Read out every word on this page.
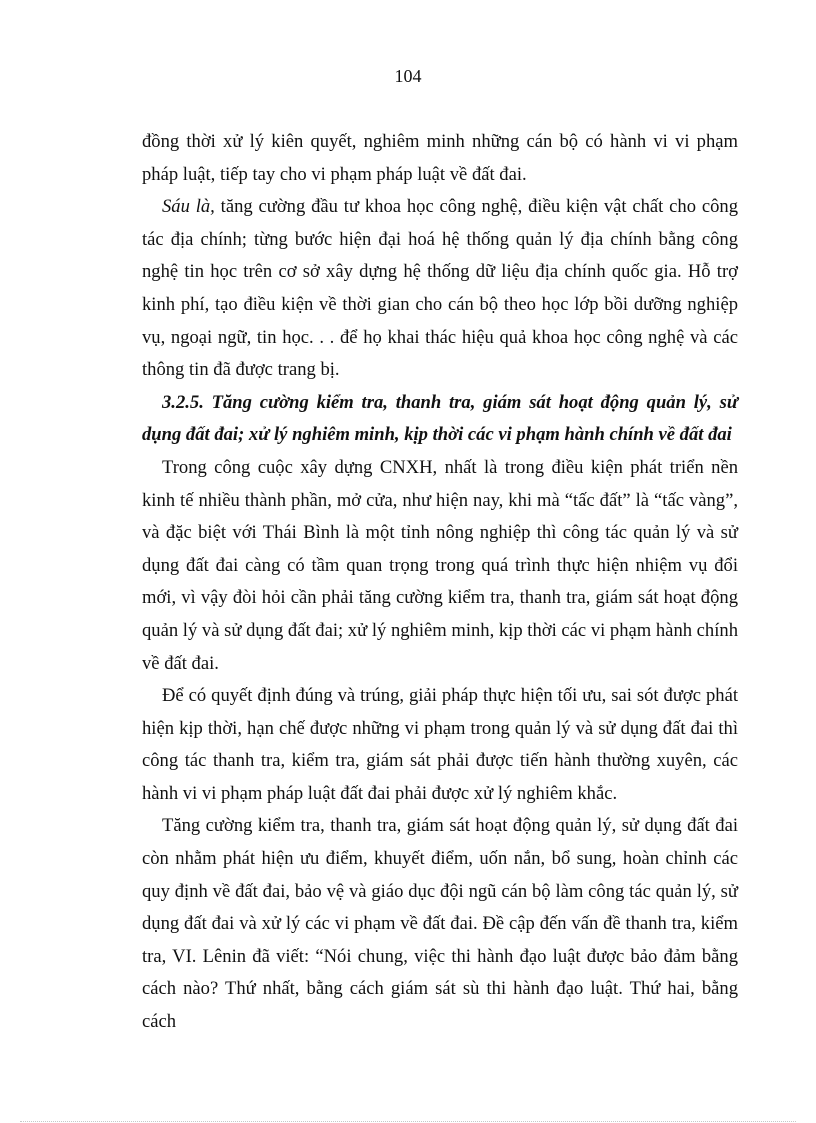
104

đồng thời xử lý kiên quyết, nghiêm minh những cán bộ có hành vi vi phạm pháp luật, tiếp tay cho vi phạm pháp luật về đất đai.

Sáu là, tăng cường đầu tư khoa học công nghệ, điều kiện vật chất cho công tác địa chính; từng bước hiện đại hoá hệ thống quản lý địa chính bằng công nghệ tin học trên cơ sở xây dựng hệ thống dữ liệu địa chính quốc gia. Hỗ trợ kinh phí, tạo điều kiện về thời gian cho cán bộ theo học lớp bồi dưỡng nghiệp vụ, ngoại ngữ, tin học. . . để họ khai thác hiệu quả khoa học công nghệ và các thông tin đã được trang bị.

3.2.5. Tăng cường kiểm tra, thanh tra, giám sát hoạt động quản lý, sử dụng đất đai; xử lý nghiêm minh, kịp thời các vi phạm hành chính về đất đai

Trong công cuộc xây dựng CNXH, nhất là trong điều kiện phát triển nền kinh tế nhiều thành phần, mở cửa, như hiện nay, khi mà “tấc đất” là “tấc vàng”, và đặc biệt với Thái Bình là một tỉnh nông nghiệp thì công tác quản lý và sử dụng đất đai càng có tầm quan trọng trong quá trình thực hiện nhiệm vụ đổi mới, vì vậy đòi hỏi cần phải tăng cường kiểm tra, thanh tra, giám sát hoạt động quản lý và sử dụng đất đai; xử lý nghiêm minh, kịp thời các vi phạm hành chính về đất đai.

Để có quyết định đúng và trúng, giải pháp thực hiện tối ưu, sai sót được phát hiện kịp thời, hạn chế được những vi phạm trong quản lý và sử dụng đất đai thì công tác thanh tra, kiểm tra, giám sát phải được tiến hành thường xuyên, các hành vi vi phạm pháp luật đất đai phải được xử lý nghiêm khắc.

Tăng cường kiểm tra, thanh tra, giám sát hoạt động quản lý, sử dụng đất đai còn nhằm phát hiện ưu điểm, khuyết điểm, uốn nắn, bổ sung, hoàn chỉnh các quy định về đất đai, bảo vệ và giáo dục đội ngũ cán bộ làm công tác quản lý, sử dụng đất đai và xử lý các vi phạm về đất đai. Đề cập đến vấn đề thanh tra, kiểm tra, VI. Lênin đã viết: “Nói chung, việc thi hành đạo luật được bảo đảm bằng cách nào? Thứ nhất, bằng cách giám sát sù thi hành đạo luật. Thứ hai, bằng cách
